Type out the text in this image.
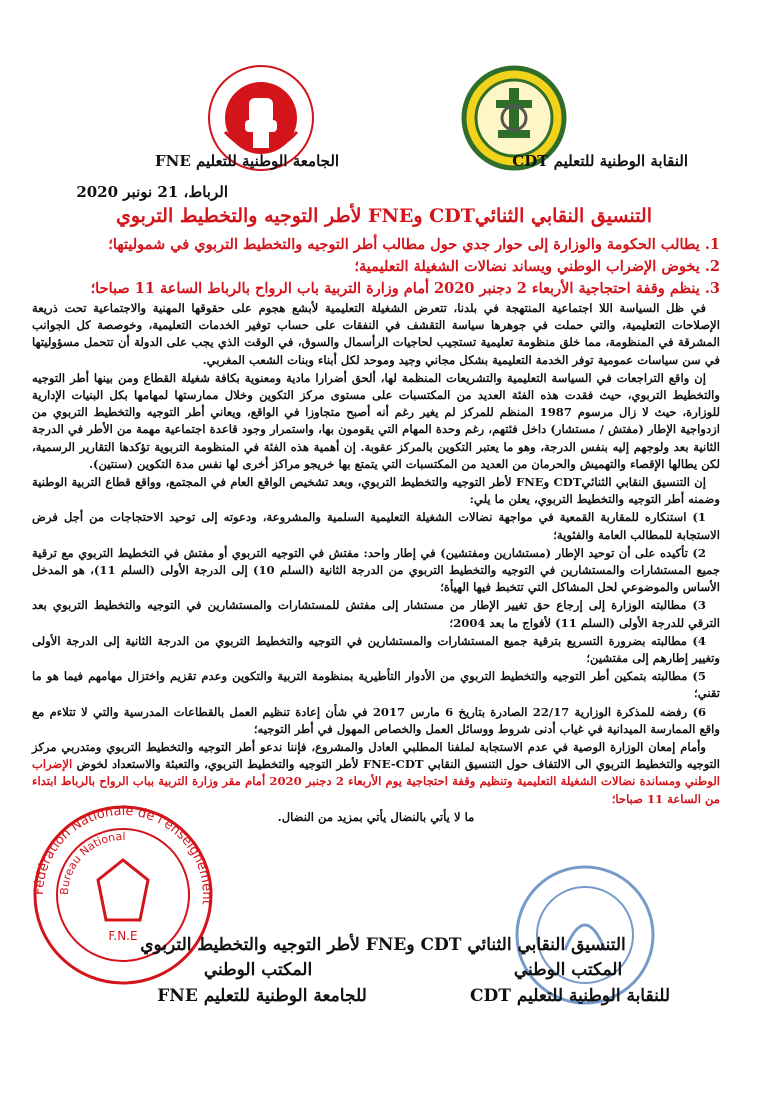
النقابة الوطنية للتعليم CDT
الجامعة الوطنية للتعليم FNE
الرباط، 21 نونبر 2020
التنسيق النقابي الثنائيCDT وFNE لأطر التوجيه والتخطيط التربوي
1. يطالب الحكومة والوزارة إلى حوار جدي حول مطالب أطر التوجيه والتخطيط التربوي في شموليتها؛
2. يخوض الإضراب الوطني ويساند نضالات الشغيلة التعليمية؛
3. ينظم وقفة احتجاجية الأربعاء 2 دجنبر 2020 أمام وزارة التربية باب الرواح بالرباط الساعة 11 صباحا؛

في ظل السياسة اللا اجتماعية المنتهجة في بلدنا، تتعرض الشغيلة التعليمية لأبشع هجوم على حقوقها المهنية والاجتماعية تحت ذريعة الإصلاحات التعليمية، والتي حملت في جوهرها سياسة التقشف في النفقات على حساب توفير الخدمات التعليمية، وخوصصة كل الجوانب المشرقة في المنظومة، مما خلق منظومة تعليمية تستجيب لحاجيات الرأسمال والسوق، في الوقت الذي يجب على الدولة أن تتحمل مسؤوليتها في سن سياسات عمومية توفر الخدمة التعليمية بشكل مجاني وجيد وموحد لكل أبناء وبنات الشعب المغربي.

إن واقع التراجعات في السياسة التعليمية والتشريعات المنظمة لها، ألحق أضرارا مادية ومعنوية بكافة شغيلة القطاع ومن بينها أطر التوجيه والتخطيط التربوي، حيث فقدت هذه الفئة العديد من المكتسبات على مستوى مركز التكوين وخلال ممارستها لمهامها بكل البنيات الإدارية للوزارة، حيث لا زال مرسوم 1987 المنظم للمركز لم يغير رغم أنه أصبح متجاوزا في الواقع، ويعاني أطر التوجيه والتخطيط التربوي من ازدواجية الإطار (مفتش / مستشار) داخل فئتهم، رغم وحدة المهام التي يقومون بها، واستمرار وجود قاعدة اجتماعية مهمة من الأطر في الدرجة الثانية بعد ولوجهم إليه بنفس الدرجة، وهو ما يعتبر التكوين بالمركز عقوبة. إن أهمية هذه الفئة في المنظومة التربوية تؤكدها التقارير الرسمية، لكن يطالها الإقصاء والتهميش والحرمان من العديد من المكتسبات التي يتمتع بها خريجو مراكز أخرى لها نفس مدة التكوين (سنتين).

إن التنسيق النقابي الثنائيCDT وFNE لأطر التوجيه والتخطيط التربوي، وبعد تشخيص الواقع العام في المجتمع، وواقع قطاع التربية الوطنية وضمنه أطر التوجيه والتخطيط التربوي، يعلن ما يلي:

1) استنكاره للمقاربة القمعية في مواجهة نضالات الشغيلة التعليمية السلمية والمشروعة، ودعوته إلى توحيد الاحتجاجات من أجل فرض الاستجابة للمطالب العامة والفئوية؛

2) تأكيده على أن توحيد الإطار (مستشارين ومفتشين) في إطار واحد: مفتش في التوجيه التربوي أو مفتش في التخطيط التربوي مع ترقية جميع المستشارات والمستشارين في التوجيه والتخطيط التربوي من الدرجة الثانية (السلم 10) إلى الدرجة الأولى (السلم 11)، هو المدخل الأساس والموضوعي لحل المشاكل التي تتخبط فيها الهيأة؛

3) مطالبته الوزارة إلى إرجاع حق تغيير الإطار من مستشار إلى مفتش للمستشارات والمستشارين في التوجيه والتخطيط التربوي بعد الترقي للدرجة الأولى (السلم 11) لأفواج ما بعد 2004؛

4) مطالبته بضرورة التسريع بترقية جميع المستشارات والمستشارين في التوجيه والتخطيط التربوي من الدرجة الثانية إلى الدرجة الأولى وتغيير إطارهم إلى مفتشين؛

5) مطالبته بتمكين أطر التوجيه والتخطيط التربوي من الأدوار التأطيرية بمنظومة التربية والتكوين وعدم تقزيم واختزال مهامهم فيما هو ما تقني؛

6) رفضه للمذكرة الوزارية 22/17 الصادرة بتاريخ 6 مارس 2017 في شأن إعادة تنظيم العمل بالقطاعات المدرسية والتي لا تتلاءم مع واقع الممارسة الميدانية في غياب أدنى شروط ووسائل العمل والخصاص المهول في أطر التوجيه؛

وأمام إمعان الوزارة الوصية في عدم الاستجابة لملفنا المطلبي العادل والمشروع، فإننا ندعو أطر التوجيه والتخطيط التربوي ومتدربي مركز التوجيه والتخطيط التربوي الى الالتفاف حول التنسيق النقابي FNE-CDT لأطر التوجيه والتخطيط التربوي، والتعبئة والاستعداد لخوض الإضراب الوطني ومساندة نضالات الشغيلة التعليمية وتنظيم وقفة احتجاجية يوم الأربعاء 2 دجنبر 2020 أمام مقر وزارة التربية بباب الرواح بالرباط ابتداء من الساعة 11 صباحا؛

ما لا يأتي بالنضال يأتي بمزيد من النضال.

Fédération Nationale de l'enseignement
Bureau National
F.N.E التنسيق النقابي الثنائي CDT وFNE لأطر التوجيه والتخطيط التربوي
المكتب الوطني
المكتب الوطني
للنقابة الوطنية للتعليم CDT
للجامعة الوطنية للتعليم FNE
